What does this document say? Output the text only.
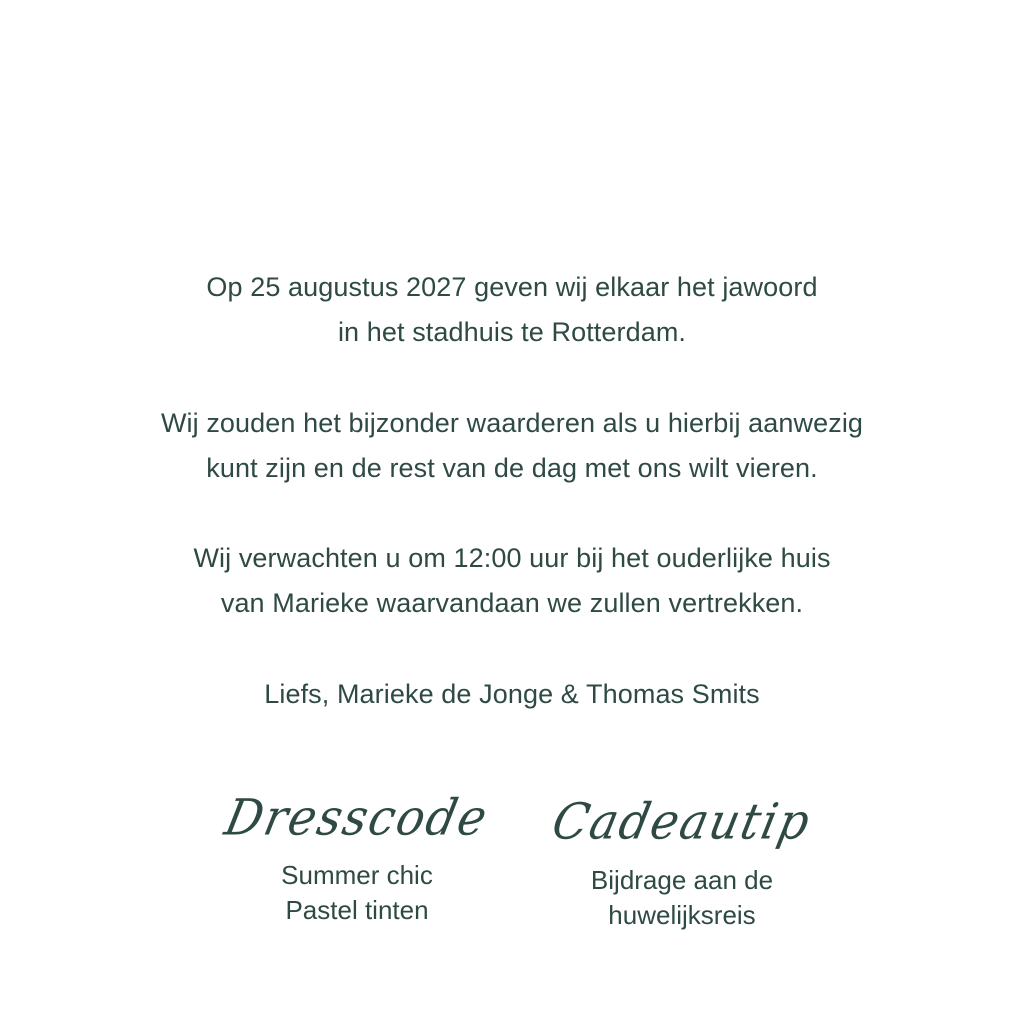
Op 25 augustus 2027 geven wij elkaar het jawoord
in het stadhuis te Rotterdam.
Wij zouden het bijzonder waarderen als u hierbij aanwezig
kunt zijn en de rest van de dag met ons wilt vieren.
Wij verwachten u om 12:00 uur bij het ouderlijke huis
van Marieke waarvandaan we zullen vertrekken.
Liefs, Marieke de Jonge & Thomas Smits
Dresscode
Summer chic
Pastel tinten
Cadeautip
Bijdrage aan de
huwelijksreis
